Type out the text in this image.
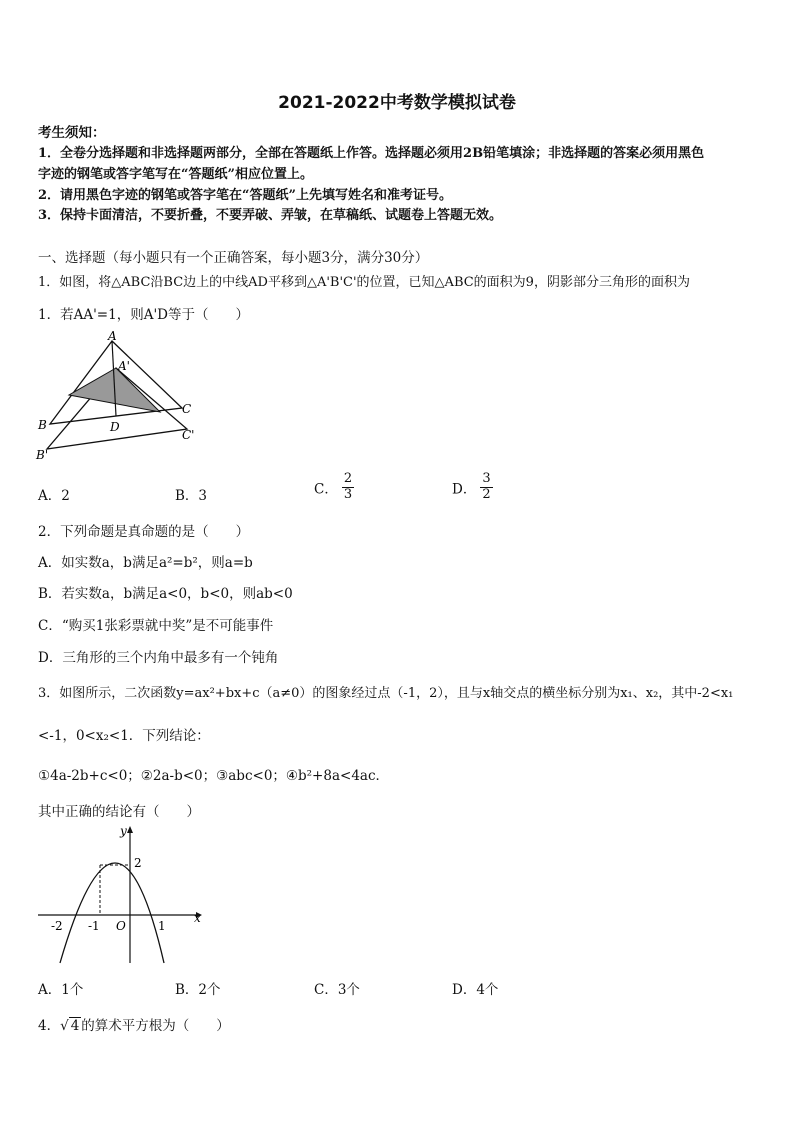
2021-2022中考数学模拟试卷
考生须知：
1．全卷分选择题和非选择题两部分，全部在答题纸上作答。选择题必须用2B铅笔填涂；非选择题的答案必须用黑色
字迹的钢笔或答字笔写在“答题纸”相应位置上。
2．请用黑色字迹的钢笔或答字笔在“答题纸”上先填写姓名和准考证号。
3．保持卡面清洁，不要折叠，不要弄破、弄皱，在草稿纸、试题卷上答题无效。
一、选择题（每小题只有一个正确答案，每小题3分，满分30分）
1．如图，将△ABC沿BC边上的中线AD平移到△A'B'C'的位置，已知△ABC的面积为9，阴影部分三角形的面积为
1．若AA'=1，则A'D等于（　　）
A
A'
B
C
D
B'
C'
A．2	B．3	C． $\frac{2}{3}$	D． $\frac{3}{2}$
2．下列命题是真命题的是（　　）
A．如实数a，b满足a²=b²，则a=b
B．若实数a，b满足a<0，b<0，则ab<0
C．“购买1张彩票就中奖”是不可能事件
D．三角形的三个内角中最多有一个钝角
3．如图所示，二次函数y=ax²+bx+c（a≠0）的图象经过点（-1，2），且与x轴交点的横坐标分别为x₁、x₂，其中-2<x₁
<-1，0<x₂<1．下列结论：
①4a-2b+c<0；②2a-b<0；③abc<0；④b²+8a<4ac．
其中正确的结论有（　　）
y
x
2
-2 -1 O	1
A．1个	B．2个	C．3个	D．4个
4．√ 4 的算术平方根为（　　）
